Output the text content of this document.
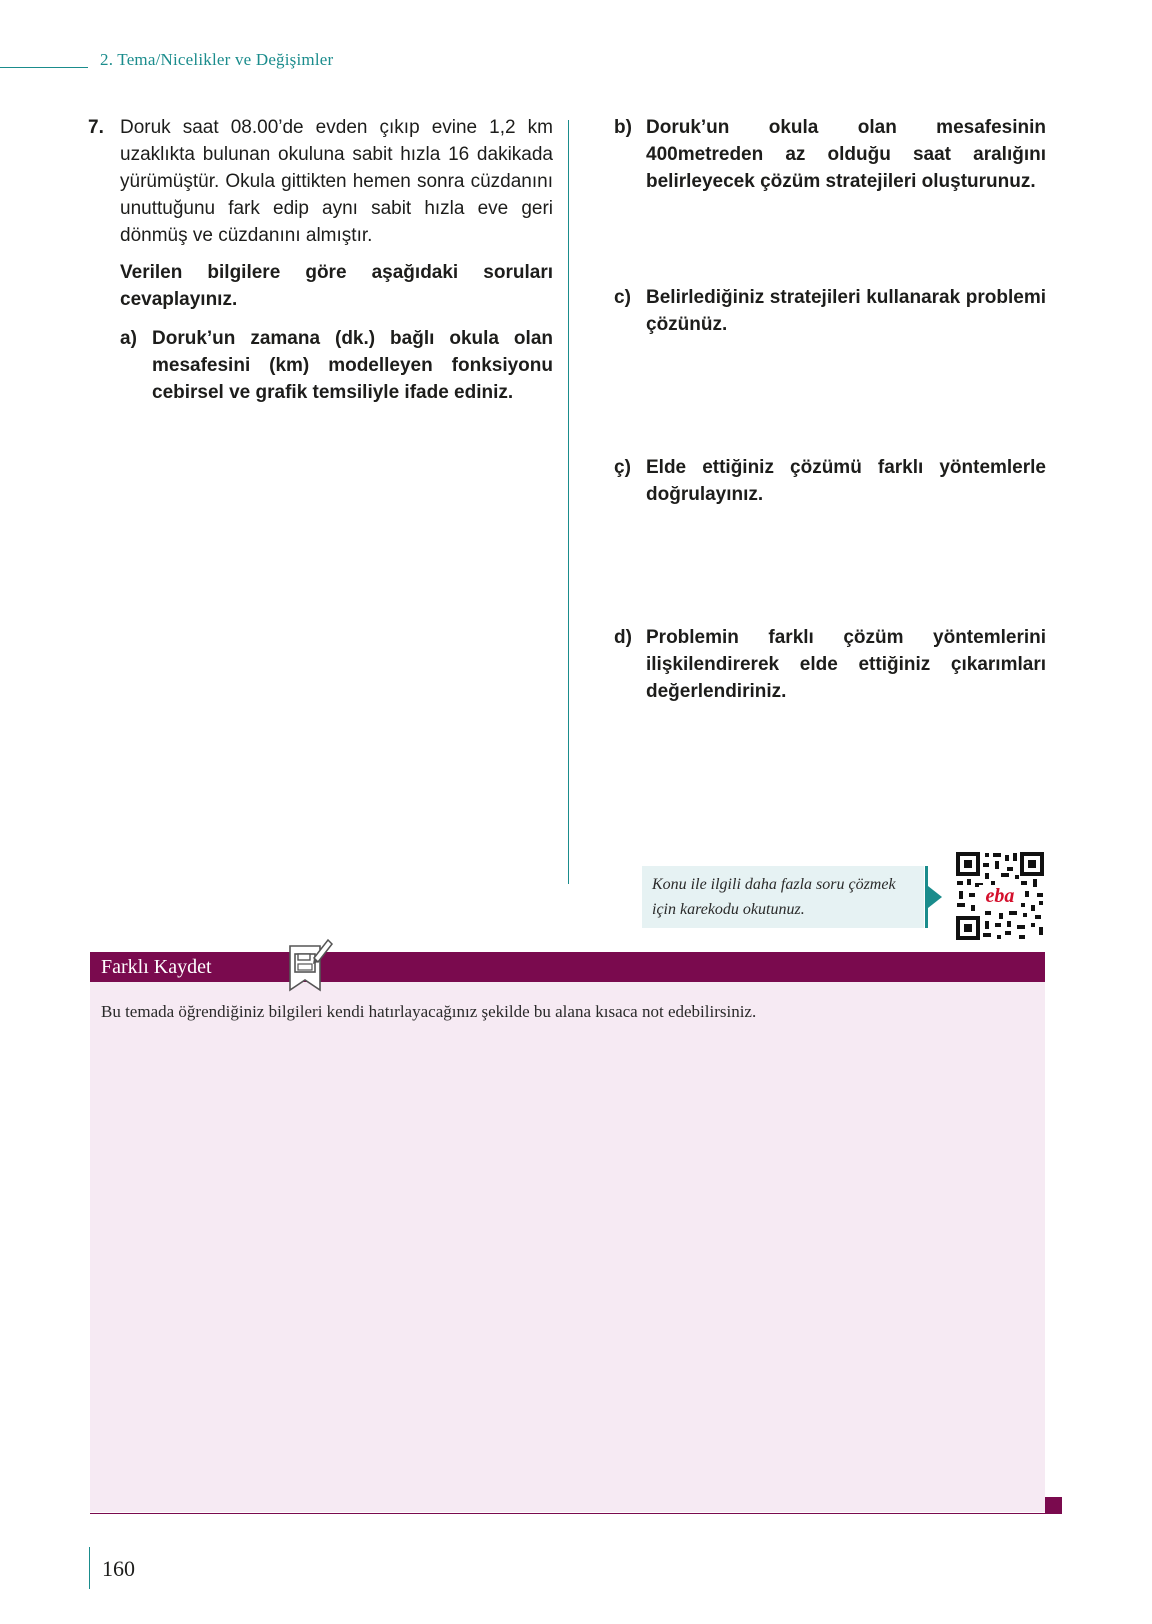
2. Tema/Nicelikler ve Değişimler
7. Doruk saat 08.00’de evden çıkıp evine 1,2 km uzaklıkta bulunan okuluna sabit hızla 16 dakikada yürümüştür. Okula gittikten hemen sonra cüzdanını unuttuğunu fark edip aynı sabit hızla eve geri dönmüş ve cüzdanını almıştır.
Verilen bilgilere göre aşağıdaki soruları cevaplayınız.
a) Doruk’un zamana (dk.) bağlı okula olan mesafesini (km) modelleyen fonksiyonu cebirsel ve grafik temsiliyle ifade ediniz.
b) Doruk’un okula olan mesafesinin 400metreden az olduğu saat aralığını belirleyecek çözüm stratejileri oluşturunuz.
c) Belirlediğiniz stratejileri kullanarak problemi çözünüz.
ç) Elde ettiğiniz çözümü farklı yöntemlerle doğrulayınız.
d) Problemin farklı çözüm yöntemlerini ilişkilendirerek elde ettiğiniz çıkarımları değerlendiriniz.
Konu ile ilgili daha fazla soru çözmek için karekodu okutunuz.
eba
Farklı Kaydet
Bu temada öğrendiğiniz bilgileri kendi hatırlayacağınız şekilde bu alana kısaca not edebilirsiniz.
160
